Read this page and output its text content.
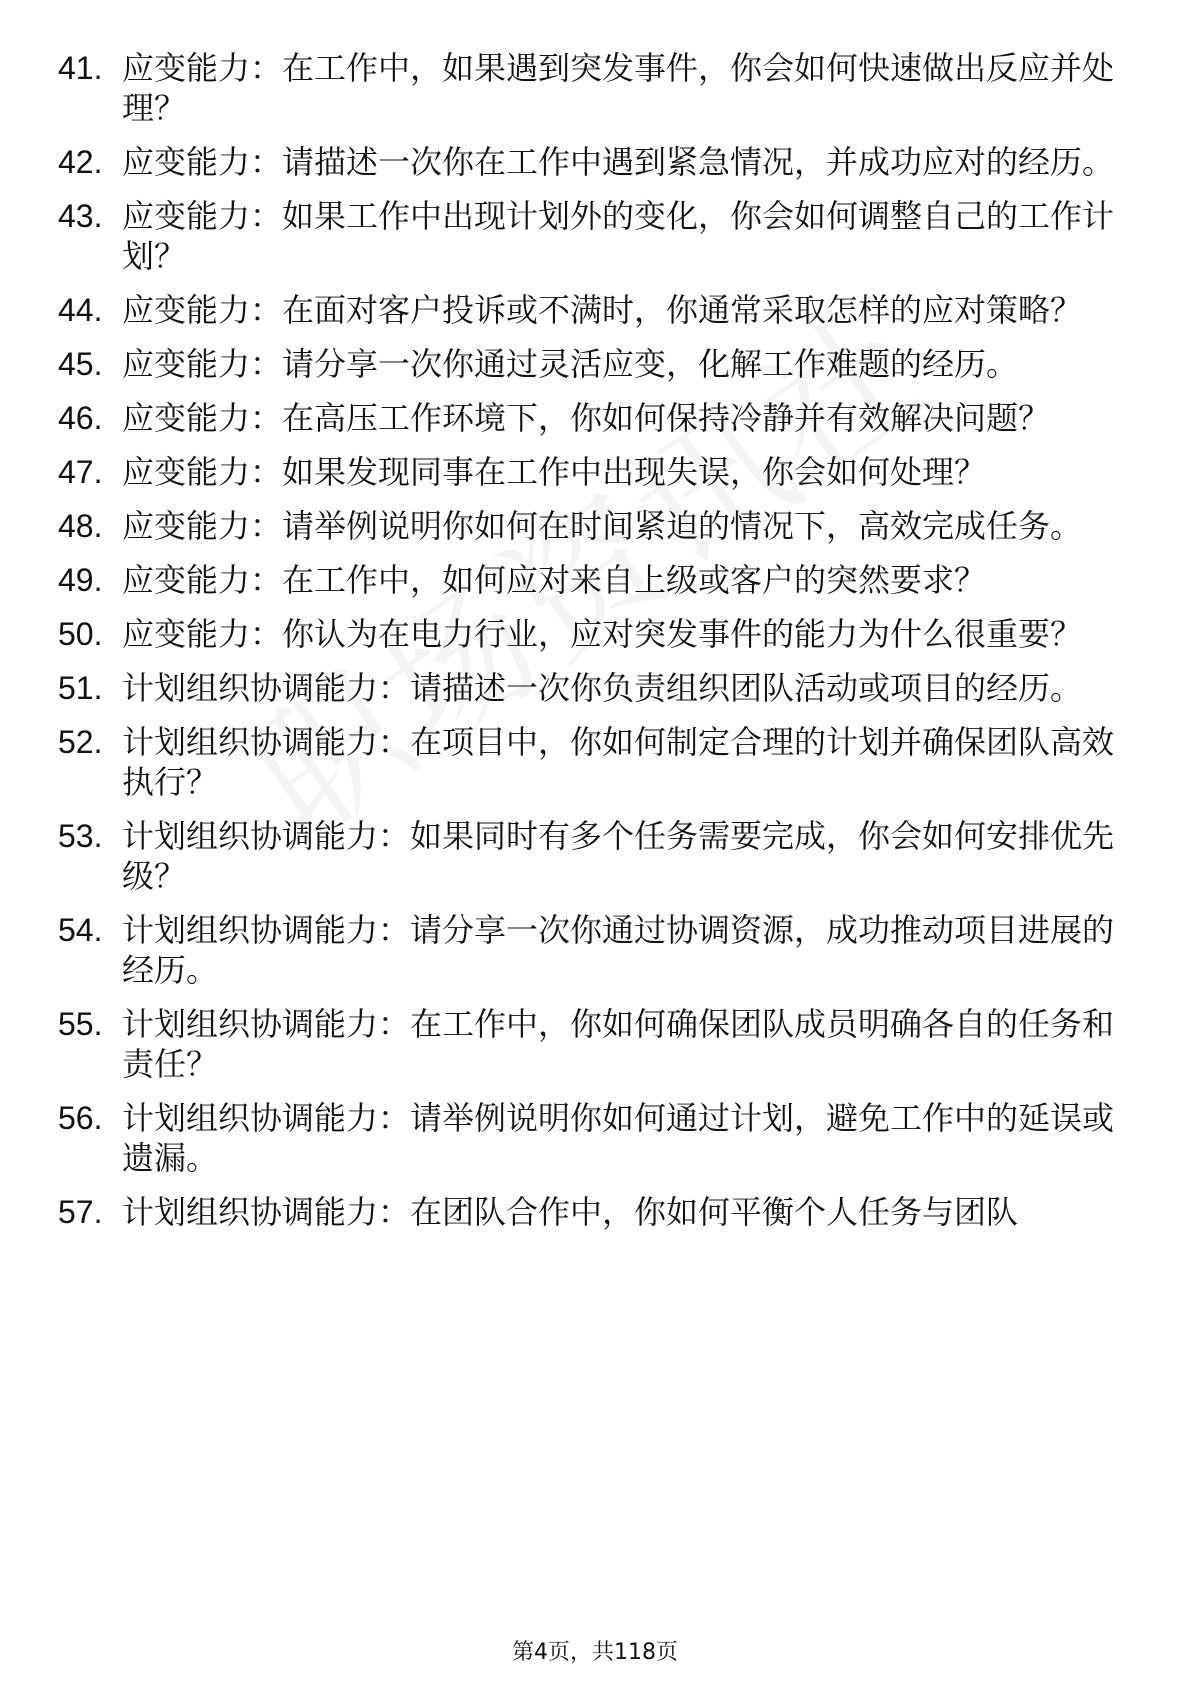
41. 应变能力：在工作中，如果遇到突发事件，你会如何快速做出反应并处理？
42. 应变能力：请描述一次你在工作中遇到紧急情况，并成功应对的经历。
43. 应变能力：如果工作中出现计划外的变化，你会如何调整自己的工作计划？
44. 应变能力：在面对客户投诉或不满时，你通常采取怎样的应对策略？
45. 应变能力：请分享一次你通过灵活应变，化解工作难题的经历。
46. 应变能力：在高压工作环境下，你如何保持冷静并有效解决问题？
47. 应变能力：如果发现同事在工作中出现失误，你会如何处理？
48. 应变能力：请举例说明你如何在时间紧迫的情况下，高效完成任务。
49. 应变能力：在工作中，如何应对来自上级或客户的突然要求？
50. 应变能力：你认为在电力行业，应对突发事件的能力为什么很重要？
51. 计划组织协调能力：请描述一次你负责组织团队活动或项目的经历。
52. 计划组织协调能力：在项目中，你如何制定合理的计划并确保团队高效执行？
53. 计划组织协调能力：如果同时有多个任务需要完成，你会如何安排优先级？
54. 计划组织协调能力：请分享一次你通过协调资源，成功推动项目进展的经历。
55. 计划组织协调能力：在工作中，你如何确保团队成员明确各自的任务和责任？
56. 计划组织协调能力：请举例说明你如何通过计划，避免工作中的延误或遗漏。
57. 计划组织协调能力：在团队合作中，你如何平衡个人任务与团队
第4页，共118页
